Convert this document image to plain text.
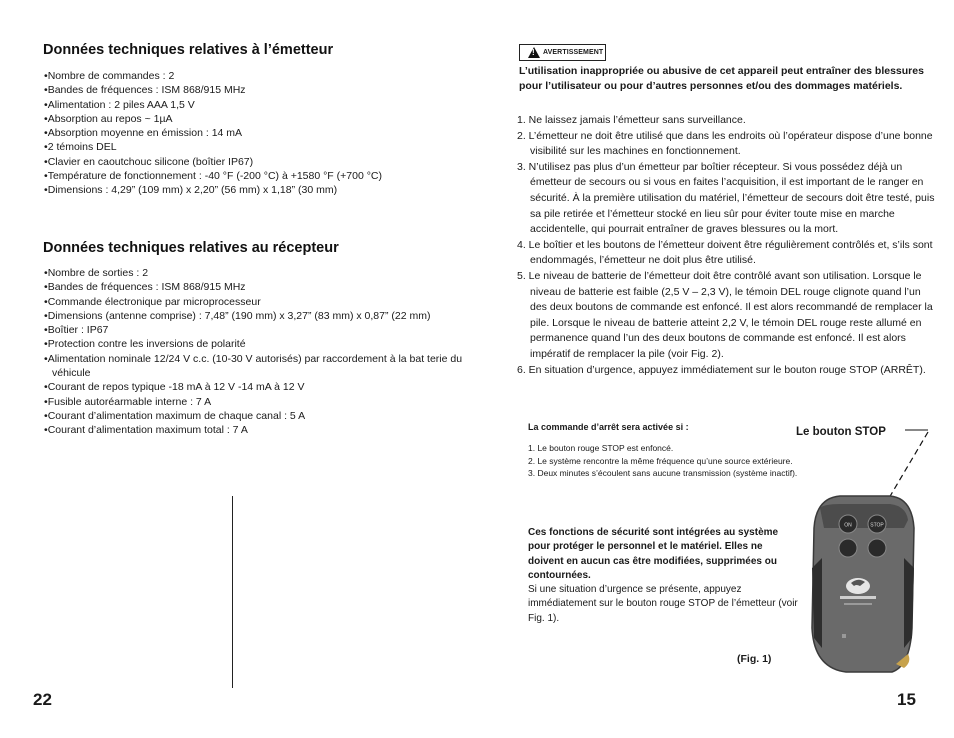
Données techniques relatives à l’émetteur
• Nombre de commandes : 2
• Bandes de fréquences : ISM 868/915 MHz
• Alimentation : 2 piles AAA 1,5 V
• Absorption au repos ~ 1µA
• Absorption moyenne en émission : 14 mA
• 2 témoins DEL
• Clavier en caoutchouc silicone (boîtier IP67)
• Température de fonctionnement : -40 °F (-200 °C) à +1580 °F (+700 °C)
• Dimensions : 4,29” (109 mm) x 2,20” (56 mm) x 1,18” (30 mm)
Données techniques relatives au récepteur
• Nombre de sorties : 2
• Bandes de fréquences : ISM 868/915 MHz
• Commande électronique par microprocesseur
• Dimensions (antenne comprise) : 7,48” (190 mm) x 3,27” (83 mm) x 0,87” (22 mm)
• Boîtier : IP67
• Protection contre les inversions de polarité
• Alimentation nominale 12/24 V c.c. (10-30 V autorisés) par raccordement à la bat terie du véhicule
• Courant de repos typique -18 mA à 12 V -14 mA à 12 V
• Fusible autoréarmable interne : 7 A
• Courant d’alimentation maximum de chaque canal : 5 A
• Courant d’alimentation maximum total : 7 A
22
! AVERTISSEMENT
L’utilisation inappropriée ou abusive de cet appareil peut entraîner des blessures pour l’utilisateur ou pour d’autres personnes et/ou des dommages matériels.
1. Ne laissez jamais l’émetteur sans surveillance.
2. L’émetteur ne doit être utilisé que dans les endroits où l’opérateur dispose d’une bonne visibilité sur les machines en fonctionnement.
3. N’utilisez pas plus d’un émetteur par boîtier récepteur. Si vous possédez déjà un émetteur de secours ou si vous en faites l’acquisition, il est important de le ranger en sécurité. À la première utilisation du matériel, l’émetteur de secours doit être testé, puis sa pile retirée et l’émetteur stocké en lieu sûr pour éviter toute mise en marche accidentelle, qui pourrait entraîner de graves blessures ou la mort.
4. Le boîtier et les boutons de l’émetteur doivent être régulièrement contrôlés et, s’ils sont endommagés, l’émetteur ne doit plus être utilisé.
5. Le niveau de batterie de l’émetteur doit être contrôlé avant son utilisation. Lorsque le niveau de batterie est faible (2,5 V – 2,3 V), le témoin DEL rouge clignote quand l’un des deux boutons de commande est enfoncé. Il est alors recommandé de remplacer la pile. Lorsque le niveau de batterie atteint 2,2 V, le témoin DEL rouge reste allumé en permanence quand l’un des deux boutons de commande est enfoncé. Il est alors impératif de remplacer la pile (voir Fig. 2).
6. En situation d’urgence, appuyez immédiatement sur le bouton rouge STOP (ARRÊT).
La commande d’arrêt sera activée si :
1. Le bouton rouge STOP est enfoncé.
2. Le système rencontre la même fréquence qu’une source extérieure.
3. Deux minutes s’écoulent sans aucune transmission (système inactif).
Ces fonctions de sécurité sont intégrées au système pour protéger le personnel et le matériel. Elles ne doivent en aucun cas être modifiées, supprimées ou contournées.
Si une situation d’urgence se présente, appuyez immédiatement sur le bouton rouge STOP de l’émetteur (voir Fig. 1).
Le bouton STOP
ON	STOP
(Fig. 1)
15
